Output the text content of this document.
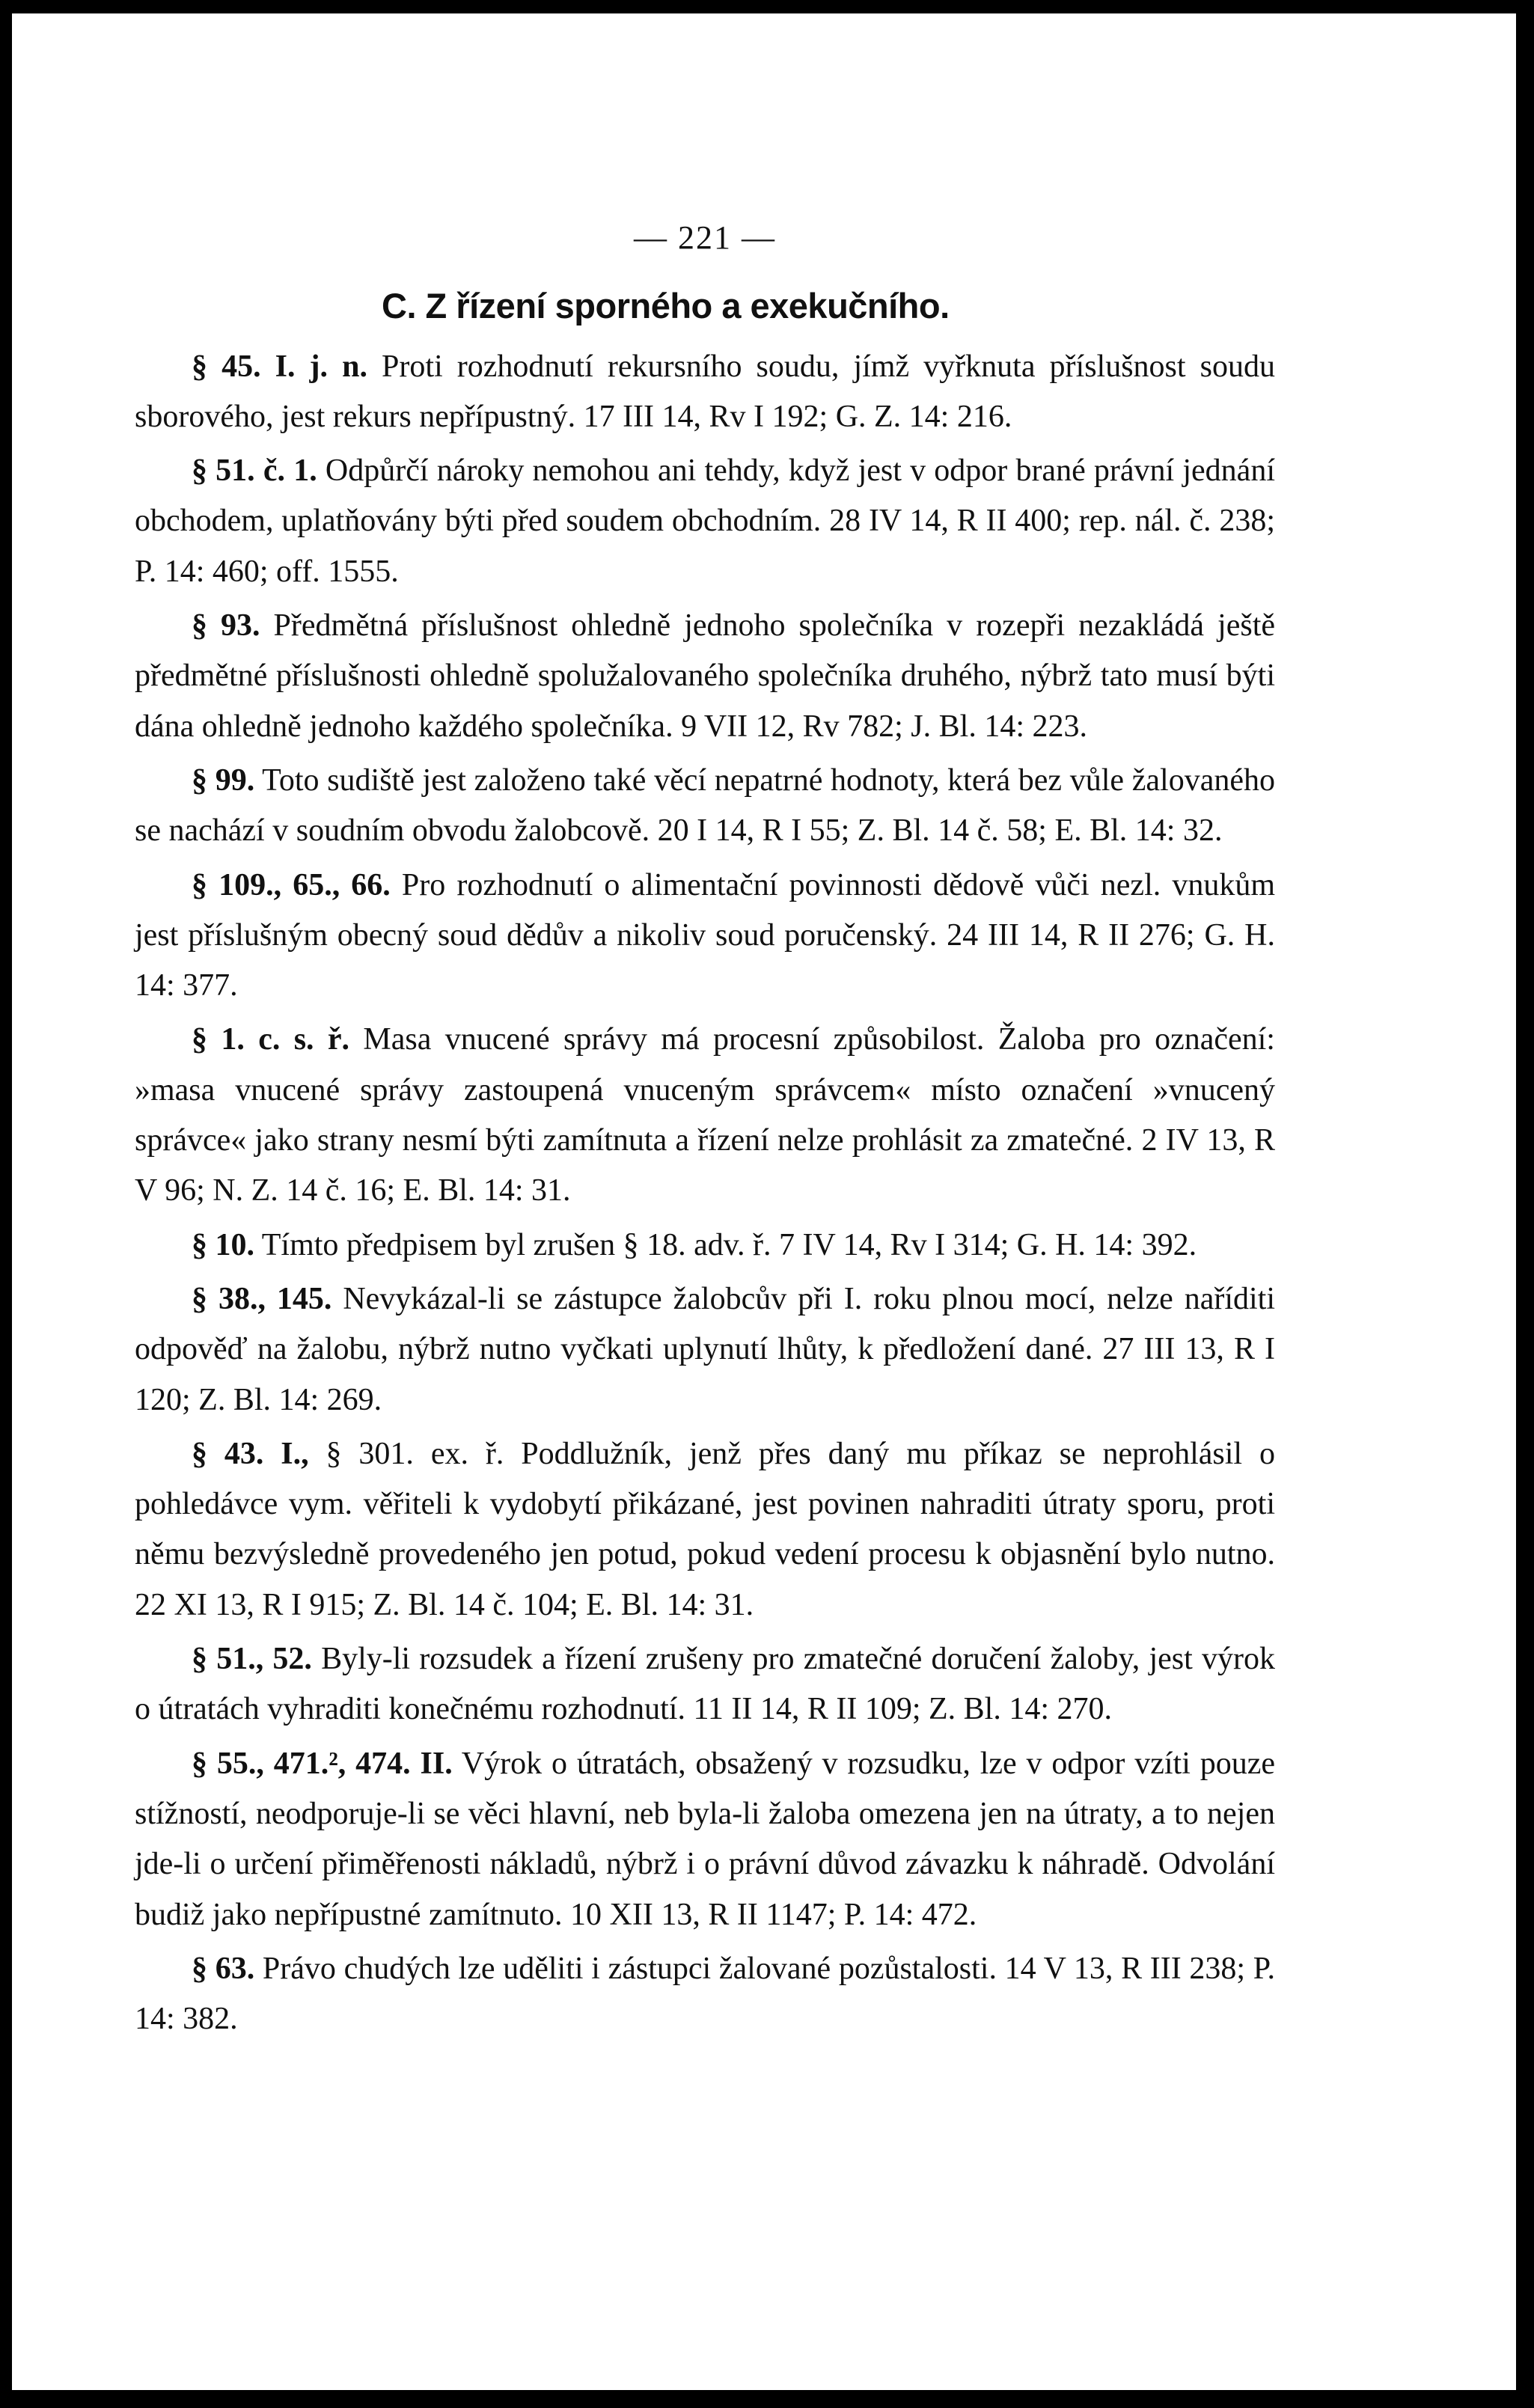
— 221 —
C. Z řízení sporného a exekučního.

§ 45. I. j. n. Proti rozhodnutí rekursního soudu, jímž vyřknuta příslušnost soudu sborového, jest rekurs nepřípustný. 17 III 14, Rv I 192; G. Z. 14: 216.

§ 51. č. 1. Odpůrčí nároky nemohou ani tehdy, když jest v odpor brané právní jednání obchodem, uplatňovány býti před soudem obchodním. 28 IV 14, R II 400; rep. nál. č. 238; P. 14: 460; off. 1555.

§ 93. Předmětná příslušnost ohledně jednoho společníka v rozepři nezakládá ještě předmětné příslušnosti ohledně spolužalovaného společníka druhého, nýbrž tato musí býti dána ohledně jednoho každého společníka. 9 VII 12, Rv 782; J. Bl. 14: 223.

§ 99. Toto sudiště jest založeno také věcí nepatrné hodnoty, která bez vůle žalovaného se nachází v soudním obvodu žalobcově. 20 I 14, R I 55; Z. Bl. 14 č. 58; E. Bl. 14: 32.

§ 109., 65., 66. Pro rozhodnutí o alimentační povinnosti dědově vůči nezl. vnukům jest příslušným obecný soud dědův a nikoliv soud poručenský. 24 III 14, R II 276; G. H. 14: 377.

§ 1. c. s. ř. Masa vnucené správy má procesní způsobilost. Žaloba pro označení: »masa vnucené správy zastoupená vnuceným správcem« místo označení »vnucený správce« jako strany nesmí býti zamítnuta a řízení nelze prohlásit za zmatečné. 2 IV 13, R V 96; N. Z. 14 č. 16; E. Bl. 14: 31.

§ 10. Tímto předpisem byl zrušen § 18. adv. ř. 7 IV 14, Rv I 314; G. H. 14: 392.

§ 38., 145. Nevykázal-li se zástupce žalobcův při I. roku plnou mocí, nelze naříditi odpověď na žalobu, nýbrž nutno vyčkati uplynutí lhůty, k předložení dané. 27 III 13, R I 120; Z. Bl. 14: 269.

§ 43. I., § 301. ex. ř. Poddlužník, jenž přes daný mu příkaz se neprohlásil o pohledávce vym. věřiteli k vydobytí přikázané, jest povinen nahraditi útraty sporu, proti němu bezvýsledně provedeného jen potud, pokud vedení procesu k objasnění bylo nutno. 22 XI 13, R I 915; Z. Bl. 14 č. 104; E. Bl. 14: 31.

§ 51., 52. Byly-li rozsudek a řízení zrušeny pro zmatečné doručení žaloby, jest výrok o útratách vyhraditi konečnému rozhodnutí. 11 II 14, R II 109; Z. Bl. 14: 270.

§ 55., 471.², 474. II. Výrok o útratách, obsažený v rozsudku, lze v odpor vzíti pouze stížností, neodporuje-li se věci hlavní, neb byla-li žaloba omezena jen na útraty, a to nejen jde-li o určení přiměřenosti nákladů, nýbrž i o právní důvod závazku k náhradě. Odvolání budiž jako nepřípustné zamítnuto. 10 XII 13, R II 1147; P. 14: 472.

§ 63. Právo chudých lze uděliti i zástupci žalované pozůstalosti. 14 V 13, R III 238; P. 14: 382.
